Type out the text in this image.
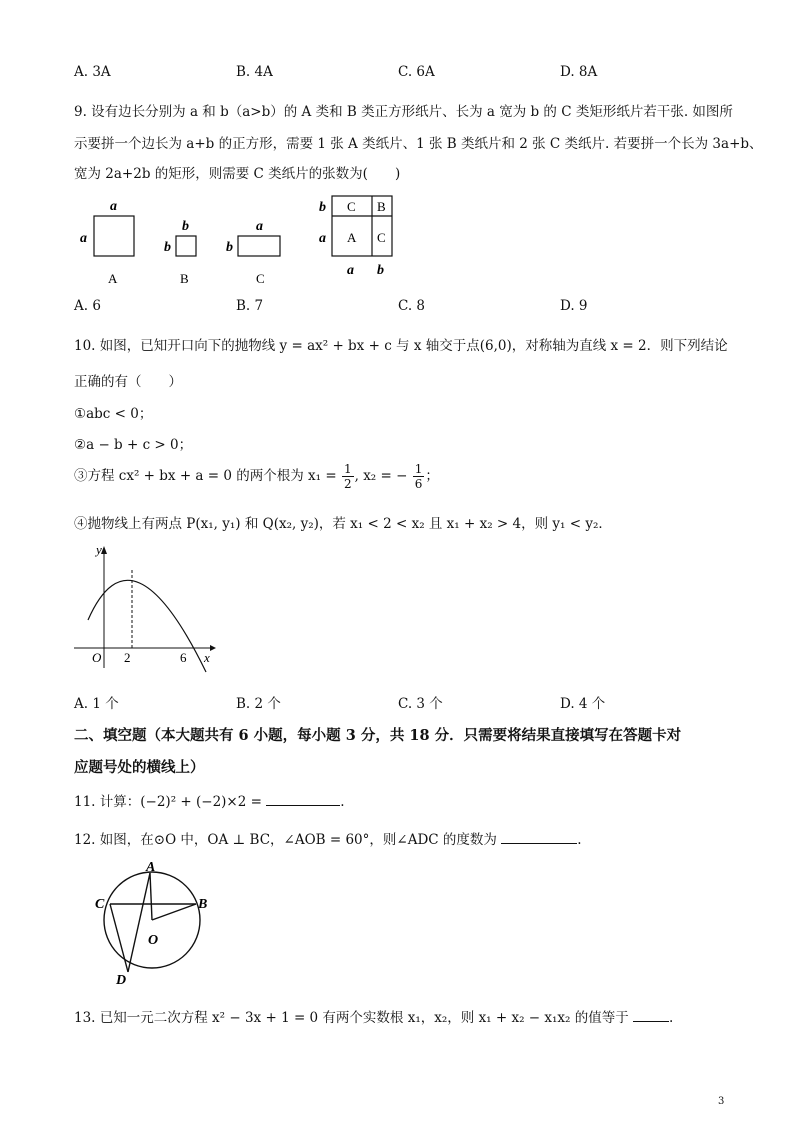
A. 3A	B. 4A	C. 6A	D. 8A
9. 设有边长分别为 a 和 b（a>b）的 A 类和 B 类正方形纸片、长为 a 宽为 b 的 C 类矩形纸片若干张. 如图所
示要拼一个边长为 a+b 的正方形，需要 1 张 A 类纸片、1 张 B 类纸片和 2 张 C 类纸片. 若要拼一个长为 3a+b、
宽为 2a+2b 的矩形，则需要 C 类纸片的张数为(　　)
a
a
A
b
b
B
a
b
C
C B
A C
b
a
a b
A. 6	B. 7	C. 8	D. 9
10. 如图，已知开口向下的抛物线 y = ax² + bx + c 与 x 轴交于点(6,0)，对称轴为直线 x = 2．则下列结论
正确的有（　　）
①abc < 0；
②a − b + c > 0；
③方程 cx² + bx + a = 0 的两个根为 $x_1 = \frac{1}{2}$ , x₂ = − $\frac{1}{6}$ ；
④抛物线上有两点 P(x₁, y₁) 和 Q(x₂, y₂)，若 x₁ < 2 < x₂ 且 x₁ + x₂ > 4，则 y₁ < y₂．
y
x
O 2	6
A. 1 个	B. 2 个	C. 3 个	D. 4 个
二、填空题（本大题共有 6 小题，每小题 3 分，共 18 分．只需要将结果直接填写在答题卡对
应题号处的横线上）
11. 计算：(−2)² + (−2)×2 =	.
12. 如图，在⊙O 中，OA ⊥ BC，∠AOB = 60°，则∠ADC 的度数为	.
A
B
C
D
O
13. 已知一元二次方程 x² − 3x + 1 = 0 有两个实数根 x₁，x₂，则 x₁ + x₂ − x₁x₂ 的值等于	.
3
